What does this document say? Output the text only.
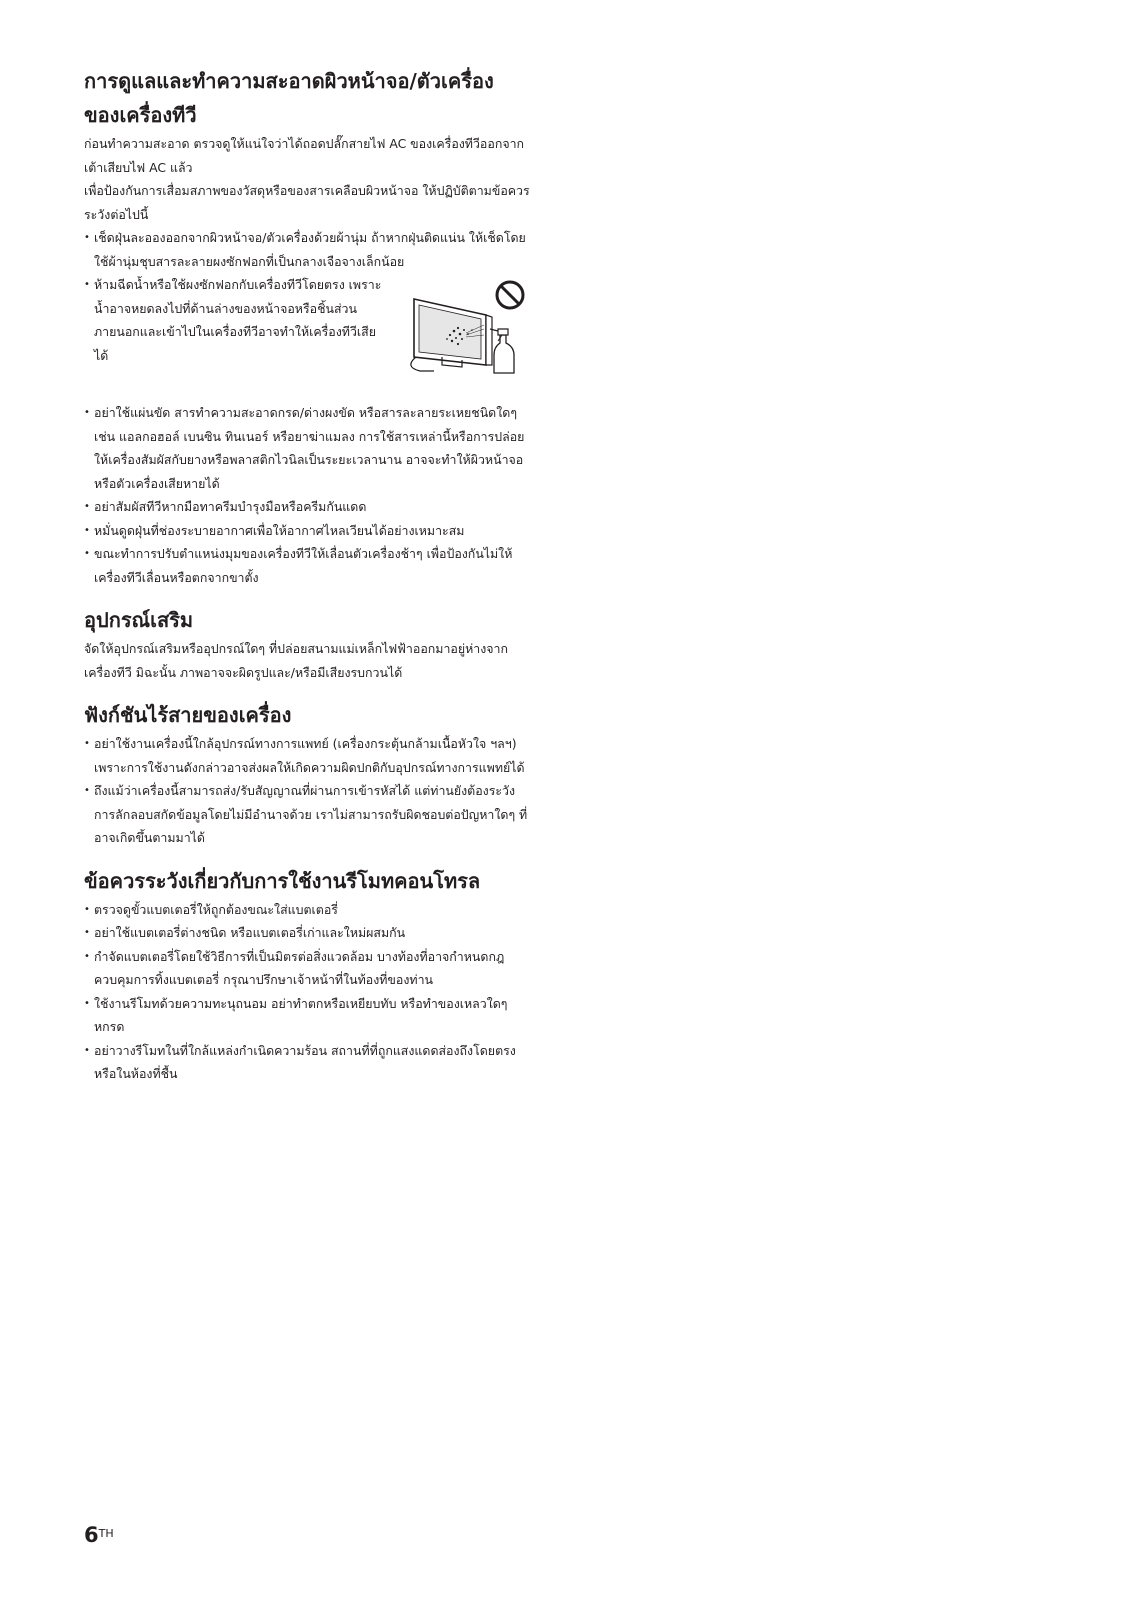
การดูแลและทำความสะอาดผิวหน้าจอ/ตัวเครื่อง
ของเครื่องทีวี

ก่อนทำความสะอาด ตรวจดูให้แน่ใจว่าได้ถอดปลั๊กสายไฟ AC ของเครื่องทีวีออกจากเต้าเสียบไฟ AC แล้ว

เพื่อป้องกันการเสื่อมสภาพของวัสดุหรือของสารเคลือบผิวหน้าจอ ให้ปฏิบัติตามข้อควรระวังต่อไปนี้

• เช็ดฝุ่นละอองออกจากผิวหน้าจอ/ตัวเครื่องด้วยผ้านุ่ม ถ้าหากฝุ่นติดแน่น ให้เช็ดโดยใช้ผ้านุ่มชุบสารละลายผงซักฟอกที่เป็นกลางเจือจางเล็กน้อย
• ห้ามฉีดน้ำหรือใช้ผงซักฟอกกับเครื่องทีวีโดยตรง เพราะน้ำอาจหยดลงไปที่ด้านล่างของหน้าจอหรือชิ้นส่วนภายนอกและเข้าไปในเครื่องทีวีอาจทำให้เครื่องทีวีเสียได้
• อย่าใช้แผ่นขัด สารทำความสะอาดกรด/ด่างผงขัด หรือสารละลายระเหยชนิดใดๆ เช่น แอลกอฮอล์ เบนซิน ทินเนอร์ หรือยาฆ่าแมลง การใช้สารเหล่านี้หรือการปล่อยให้เครื่องสัมผัสกับยางหรือพลาสติกไวนิลเป็นระยะเวลานาน อาจจะทำให้ผิวหน้าจอหรือตัวเครื่องเสียหายได้
• อย่าสัมผัสทีวีหากมือทาครีมบำรุงมือหรือครีมกันแดด
• หมั่นดูดฝุ่นที่ช่องระบายอากาศเพื่อให้อากาศไหลเวียนได้อย่างเหมาะสม
• ขณะทำการปรับตำแหน่งมุมของเครื่องทีวีให้เลื่อนตัวเครื่องช้าๆ เพื่อป้องกันไม่ให้เครื่องทีวีเลื่อนหรือตกจากขาตั้ง
อุปกรณ์เสริม

จัดให้อุปกรณ์เสริมหรืออุปกรณ์ใดๆ ที่ปล่อยสนามแม่เหล็กไฟฟ้าออกมาอยู่ห่างจากเครื่องทีวี มิฉะนั้น ภาพอาจจะผิดรูปและ/หรือมีเสียงรบกวนได้

ฟังก์ชันไร้สายของเครื่อง
• อย่าใช้งานเครื่องนี้ใกล้อุปกรณ์ทางการแพทย์ (เครื่องกระตุ้นกล้ามเนื้อหัวใจ ฯลฯ) เพราะการใช้งานดังกล่าวอาจส่งผลให้เกิดความผิดปกติกับอุปกรณ์ทางการแพทย์ได้
• ถึงแม้ว่าเครื่องนี้สามารถส่ง/รับสัญญาณที่ผ่านการเข้ารหัสได้ แต่ท่านยังต้องระวังการลักลอบสกัดข้อมูลโดยไม่มีอำนาจด้วย เราไม่สามารถรับผิดชอบต่อปัญหาใดๆ ที่อาจเกิดขึ้นตามมาได้
ข้อควรระวังเกี่ยวกับการใช้งานรีโมทคอนโทรล
• ตรวจดูขั้วแบตเตอรี่ให้ถูกต้องขณะใส่แบตเตอรี่
• อย่าใช้แบตเตอรี่ต่างชนิด หรือแบตเตอรี่เก่าและใหม่ผสมกัน
• กำจัดแบตเตอรี่โดยใช้วิธีการที่เป็นมิตรต่อสิ่งแวดล้อม บางท้องที่อาจกำหนดกฎควบคุมการทิ้งแบตเตอรี่ กรุณาปรึกษาเจ้าหน้าที่ในท้องที่ของท่าน
• ใช้งานรีโมทด้วยความทะนุถนอม อย่าทำตกหรือเหยียบทับ หรือทำของเหลวใดๆ หกรด
• อย่าวางรีโมทในที่ใกล้แหล่งกำเนิดความร้อน สถานที่ที่ถูกแสงแดดส่องถึงโดยตรง หรือในห้องที่ชื้น
6TH
